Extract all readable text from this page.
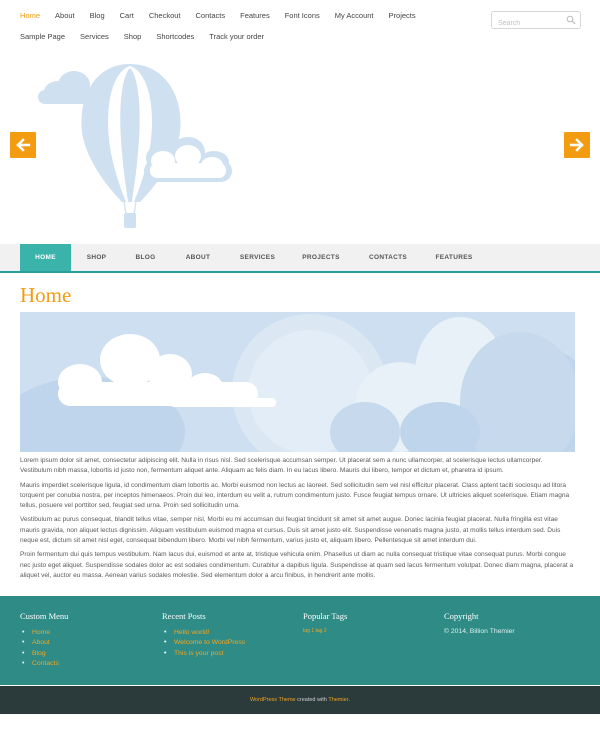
Home About Blog Cart Checkout Contacts Features Font Icons My Account Projects
Sample Page Services Shop Shortcodes Track your order
Search
HOME	SHOP	BLOG	ABOUT	SERVICES	PROJECTS	CONTACTS	FEATURES
Home

Lorem ipsum dolor sit amet, consectetur adipiscing elit. Nulla in risus nisl. Sed scelerisque accumsan semper. Ut placerat sem a nunc ullamcorper, at scelerisque lectus ullamcorper. Vestibulum nibh massa, lobortis id justo non, fermentum aliquet ante. Aliquam ac felis diam. In eu lacus libero. Mauris dui libero, tempor et dictum et, pharetra id ipsum.

Mauris imperdiet scelerisque ligula, id condimentum diam lobortis ac. Morbi euismod non lectus ac laoreet. Sed sollicitudin sem vel nisl efficitur placerat. Class aptent taciti sociosqu ad litora torquent per conubia nostra, per inceptos himenaeos. Proin dui leo, interdum eu velit a, rutrum condimentum justo. Fusce feugiat tempus ornare. Ut ultricies aliquet scelerisque. Etiam magna tellus, posuere vel porttitor sed, feugiat sed urna. Proin sed sollicitudin urna.

Vestibulum ac purus consequat, blandit tellus vitae, semper nisl. Morbi eu mi accumsan dui feugiat tincidunt sit amet sit amet augue. Donec lacinia feugiat placerat. Nulla fringilla est vitae mauris gravida, non aliquet lectus dignissim. Aliquam vestibulum euismod magna et cursus. Duis sit amet justo elit. Suspendisse venenatis magna justo, at mollis tellus interdum sed. Duis neque est, dictum sit amet nisl eget, consequat bibendum libero. Morbi vel nibh fermentum, varius justo et, aliquam libero. Pellentesque sit amet interdum dui.

Proin fermentum dui quis tempus vestibulum. Nam lacus dui, euismod et ante at, tristique vehicula enim. Phasellus ut diam ac nulla consequat tristique vitae consequat purus. Morbi congue nec justo eget aliquet. Suspendisse sodales dolor ac est sodales condimentum. Curabitur a dapibus ligula. Suspendisse at quam sed lacus fermentum volutpat. Donec diam magna, placerat a aliquet vel, auctor eu massa. Aenean varius sodales molestie. Sed elementum dolor a arcu finibus, in hendrerit ante mollis.

Custom Menu
• Home
• About
• Blog
• Contacts
Recent Posts
• Hello world!
• Welcome to WordPress
• This is your post
Popular Tags
tag 1 tag 2
Copyright
© 2014, Billion Themier
WordPress Theme created with Themier .
